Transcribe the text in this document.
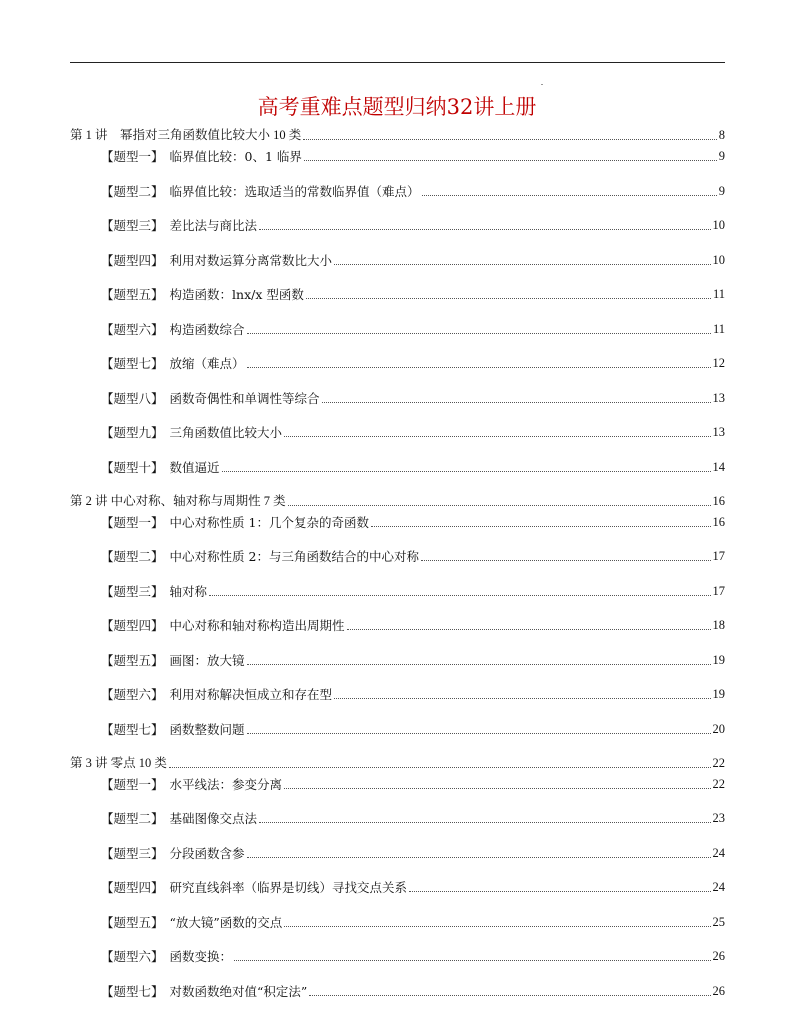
高考重难点题型归纳32讲上册
第 1 讲　幂指对三角函数值比较大小 10 类	8
【题型一】 临界值比较：0、1 临界	9
【题型二】 临界值比较：选取适当的常数临界值（难点）	9
【题型三】 差比法与商比法	10
【题型四】 利用对数运算分离常数比大小	10
【题型五】 构造函数：lnx/x 型函数	11
【题型六】 构造函数综合	11
【题型七】 放缩（难点）	12
【题型八】 函数奇偶性和单调性等综合	13
【题型九】 三角函数值比较大小	13
【题型十】 数值逼近	14
第 2 讲 中心对称、轴对称与周期性 7 类	16
【题型一】 中心对称性质 1：几个复杂的奇函数	16
【题型二】 中心对称性质 2：与三角函数结合的中心对称	17
【题型三】 轴对称	17
【题型四】 中心对称和轴对称构造出周期性	18
【题型五】 画图：放大镜	19
【题型六】 利用对称解决恒成立和存在型	19
【题型七】 函数整数问题	20
第 3 讲 零点 10 类	22
【题型一】 水平线法：参变分离	22
【题型二】 基础图像交点法	23
【题型三】 分段函数含参	24
【题型四】 研究直线斜率（临界是切线）寻找交点关系	24
【题型五】 “放大镜”函数的交点	25
【题型六】 函数变换：	26
【题型七】 对数函数绝对值“积定法”	26
